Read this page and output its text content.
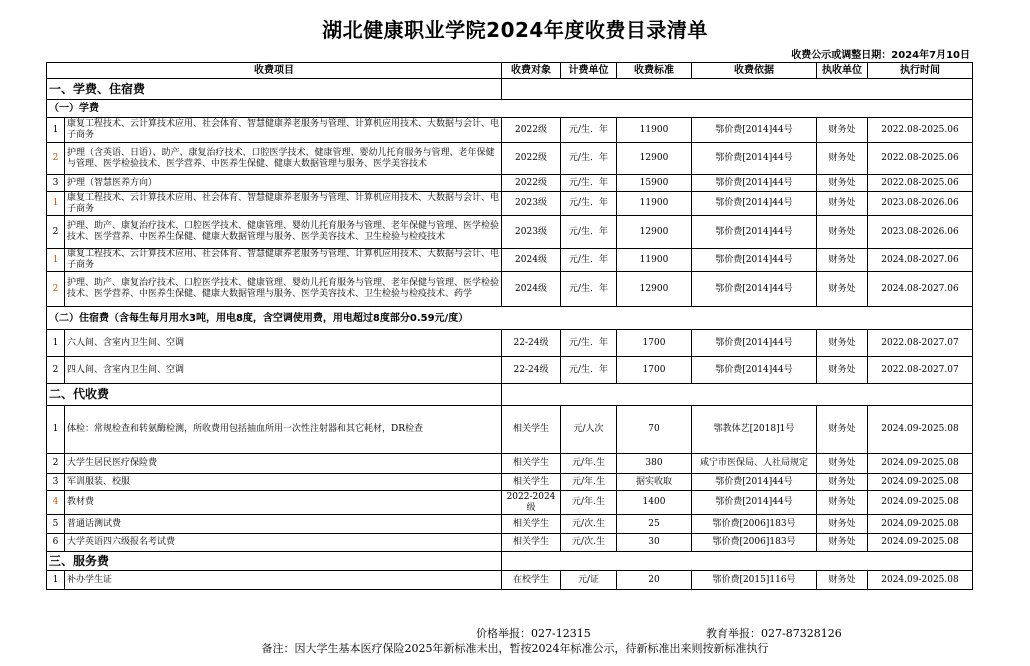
湖北健康职业学院2024年度收费目录清单
收费公示或调整日期：2024年7月10日
收费项目		收费对象	计费单位	收费标准	收费依据	执收单位	执行时间
一、学费、住宿费							
（一）学费							
1	康复工程技术、云计算技术应用、社会体育、智慧健康养老服务与管理、计算机应用技术、大数据与会计、电子商务	2022级	元/生．年	11900	鄂价费[2014]44号	财务处	2022.08-2025.06
2	护理（含英语、日语）、助产、康复治疗技术、口腔医学技术、健康管理、婴幼儿托育服务与管理、老年保健与管理、医学检验技术、医学营养、中医养生保健、健康大数据管理与服务、医学美容技术	2022级	元/生．年	12900	鄂价费[2014]44号	财务处	2022.08-2025.06
3	护理（智慧医养方向）	2022级	元/生．年	15900	鄂价费[2014]44号	财务处	2022.08-2025.06
1	康复工程技术、云计算技术应用、社会体育、智慧健康养老服务与管理、计算机应用技术、大数据与会计、电子商务	2023级	元/生．年	11900	鄂价费[2014]44号	财务处	2023.08-2026.06
2	护理、助产、康复治疗技术、口腔医学技术、健康管理、婴幼儿托育服务与管理、老年保健与管理、医学检验技术、医学营养、中医养生保健、健康大数据管理与服务、医学美容技术、卫生检验与检疫技术	2023级	元/生．年	12900	鄂价费[2014]44号	财务处	2023.08-2026.06
1	康复工程技术、云计算技术应用、社会体育、智慧健康养老服务与管理、计算机应用技术、大数据与会计、电子商务	2024级	元/生．年	11900	鄂价费[2014]44号	财务处	2024.08-2027.06
2	护理、助产、康复治疗技术、口腔医学技术、健康管理、婴幼儿托育服务与管理、老年保健与管理、医学检验技术、医学营养、中医养生保健、健康大数据管理与服务、医学美容技术、卫生检验与检疫技术、药学	2024级	元/生．年	12900	鄂价费[2014]44号	财务处	2024.08-2027.06
（二）住宿费（含每生每月用水3吨，用电8度，含空调使用费，用电超过8度部分0.59元/度）							
1	六人间、含室内卫生间、空调	22-24级	元/生．年	1700	鄂价费[2014]44号	财务处	2022.08-2027.07
2	四人间、含室内卫生间、空调	22-24级	元/生．年	1700	鄂价费[2014]44号	财务处	2022.08-2027.07
二、代收费							
1	体检：常规检查和转氨酶检测，所收费用包括抽血所用一次性注射器和其它耗材，DR检查	相关学生	元/人次	70	鄂教体艺[2018]1号	财务处	2024.09-2025.08
2	大学生居民医疗保险费	相关学生	元/年.生	380	咸宁市医保局、人社局规定	财务处	2024.09-2025.08
3	军训服装、校服	相关学生	元/年.生	据实收取	鄂价费[2014]44号	财务处	2024.09-2025.08
4	教材费	2022-2024级	元/年.生	1400	鄂价费[2014]44号	财务处	2024.09-2025.08
5	普通话测试费	相关学生	元/次.生	25	鄂价费[2006]183号	财务处	2024.09-2025.08
6	大学英语四六级报名考试费	相关学生	元/次.生	30	鄂价费[2006]183号	财务处	2024.09-2025.08
三、服务费							
1	补办学生证	在校学生	元/证	20	鄂价费[2015]116号	财务处	2024.09-2025.08
价格举报：027-12315	教育举报：027-87328126
备注：因大学生基本医疗保险2025年新标准未出，暂按2024年标准公示，待新标准出来则按新标准执行
